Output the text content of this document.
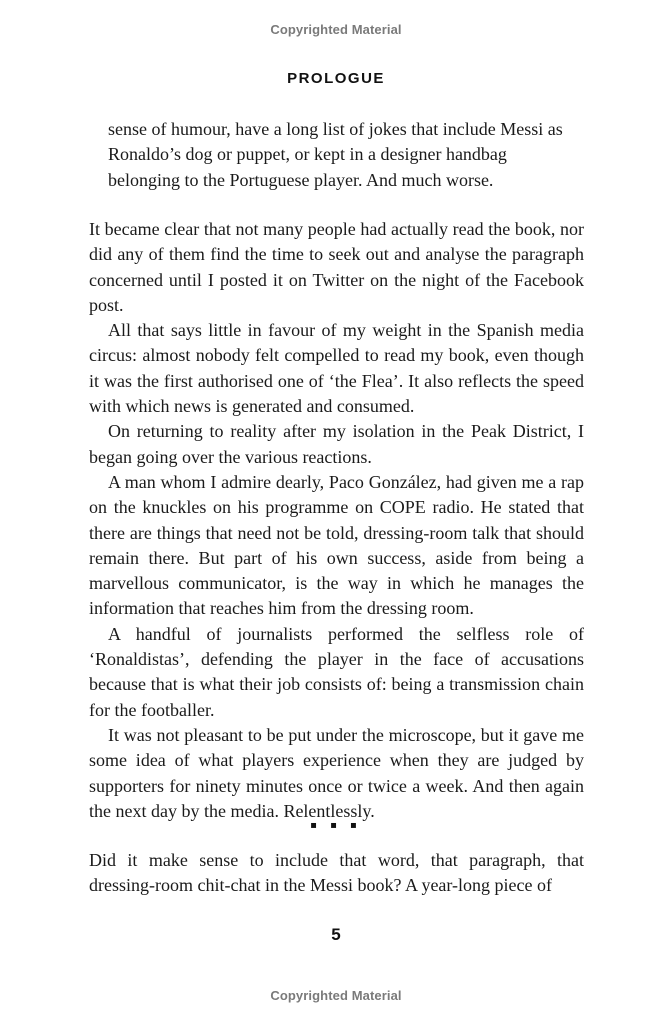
Copyrighted Material
PROLOGUE

sense of humour, have a long list of jokes that include Messi as Ronaldo’s dog or puppet, or kept in a designer handbag belonging to the Portuguese player. And much worse.

It became clear that not many people had actually read the book, nor did any of them find the time to seek out and analyse the paragraph concerned until I posted it on Twitter on the night of the Facebook post.

All that says little in favour of my weight in the Spanish media circus: almost nobody felt compelled to read my book, even though it was the first authorised one of ‘the Flea’. It also reflects the speed with which news is generated and consumed.

On returning to reality after my isolation in the Peak District, I began going over the various reactions.

A man whom I admire dearly, Paco González, had given me a rap on the knuckles on his programme on COPE radio. He stated that there are things that need not be told, dressing-room talk that should remain there. But part of his own success, aside from being a marvellous communicator, is the way in which he manages the information that reaches him from the dressing room.

A handful of journalists performed the selfless role of ‘Ronaldistas’, defending the player in the face of accusations because that is what their job consists of: being a transmission chain for the footballer.

It was not pleasant to be put under the microscope, but it gave me some idea of what players experience when they are judged by supporters for ninety minutes once or twice a week. And then again the next day by the media. Relentlessly.

▪ ▪ ▪

Did it make sense to include that word, that paragraph, that dressing-room chit-chat in the Messi book? A year-long piece of

5
Copyrighted Material
